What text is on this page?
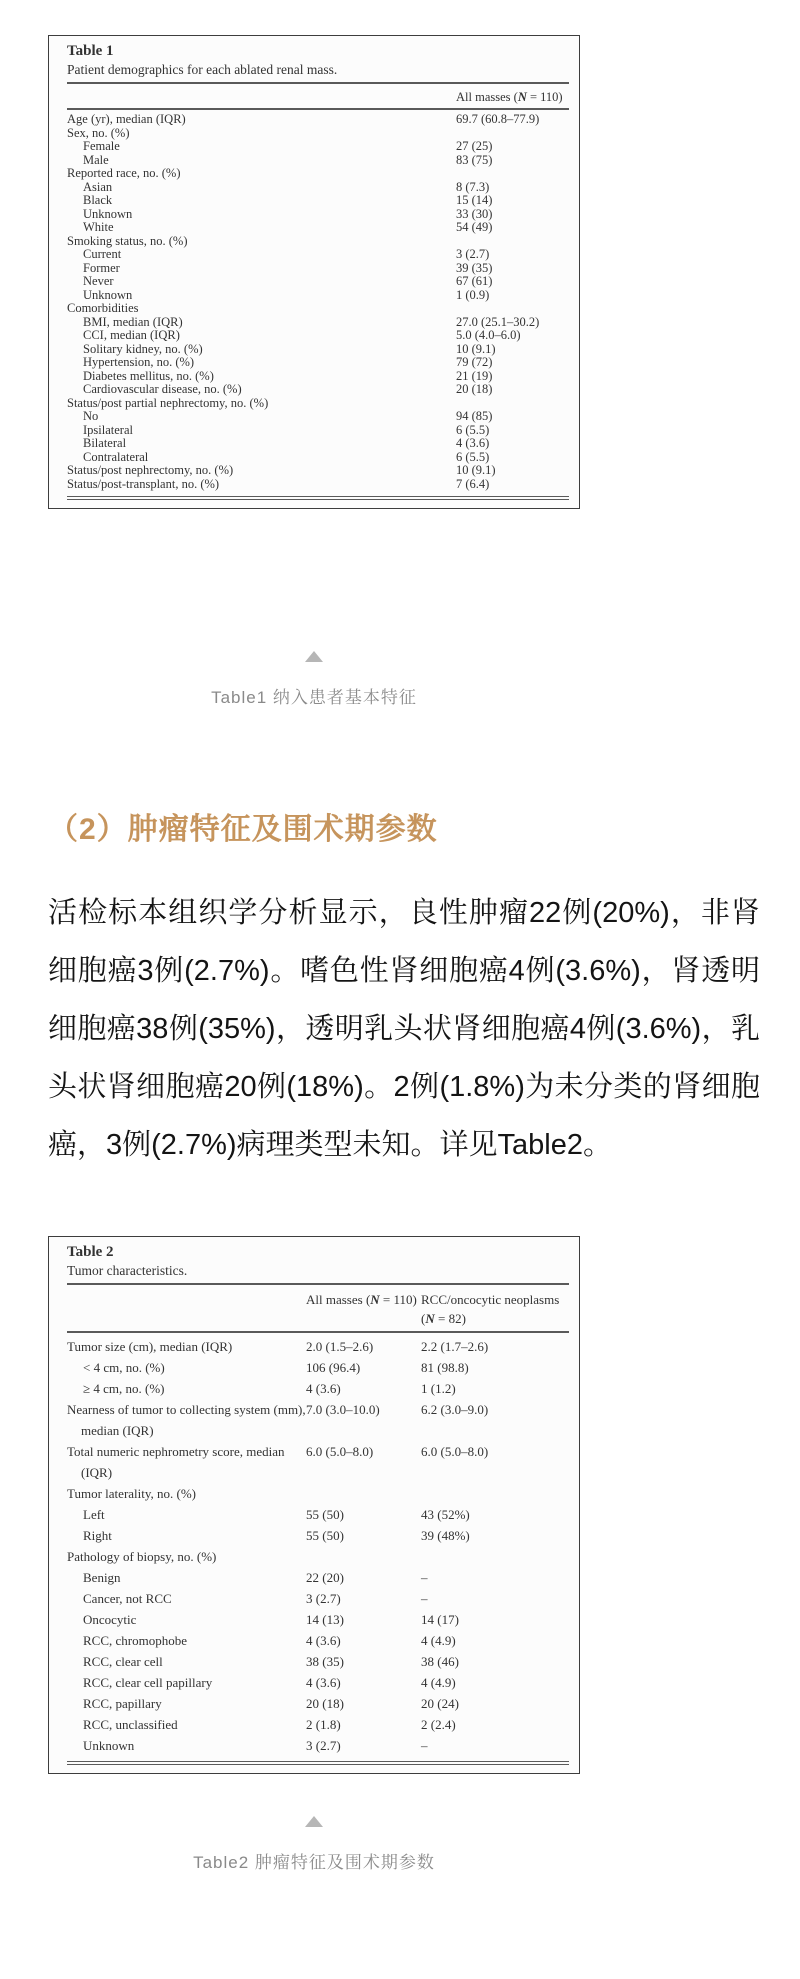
Table 1
Patient demographics for each ablated renal mass.
All masses (N = 110)
Age (yr), median (IQR)	69.7 (60.8–77.9)
Sex, no. (%)
Female	27 (25)
Male	83 (75)
Reported race, no. (%)
Asian	8 (7.3)
Black	15 (14)
Unknown	33 (30)
White	54 (49)
Smoking status, no. (%)
Current	3 (2.7)
Former	39 (35)
Never	67 (61)
Unknown	1 (0.9)
Comorbidities
BMI, median (IQR)	27.0 (25.1–30.2)
CCI, median (IQR)	5.0 (4.0–6.0)
Solitary kidney, no. (%)	10 (9.1)
Hypertension, no. (%)	79 (72)
Diabetes mellitus, no. (%)	21 (19)
Cardiovascular disease, no. (%)	20 (18)
Status/post partial nephrectomy, no. (%)
No	94 (85)
Ipsilateral	6 (5.5)
Bilateral	4 (3.6)
Contralateral	6 (5.5)
Status/post nephrectomy, no. (%)	10 (9.1)
Status/post-transplant, no. (%)	7 (6.4)
Table1 纳入患者基本特征
（2）肿瘤特征及围术期参数
活检标本组织学分析显示，良性肿瘤22例(20%)，非肾细胞癌3例(2.7%)。嗜色性肾细胞癌4例(3.6%)，肾透明细胞癌38例(35%)，透明乳头状肾细胞癌4例(3.6%)，乳头状肾细胞癌20例(18%)。2例(1.8%)为未分类的肾细胞癌，3例(2.7%)病理类型未知。详见Table2。
Table 2
Tumor characteristics.
All masses (N = 110) RCC/oncocytic neoplasms (N = 82)
Tumor size (cm), median (IQR)	2.0 (1.5–2.6)	2.2 (1.7–2.6)
< 4 cm, no. (%)	106 (96.4)	81 (98.8)
≥ 4 cm, no. (%)	4 (3.6)	1 (1.2)
Nearness of tumor to collecting system (mm), median (IQR)
7.0 (3.0–10.0)	6.2 (3.0–9.0)
Total numeric nephrometry score, median (IQR)
6.0 (5.0–8.0)	6.0 (5.0–8.0)
Tumor laterality, no. (%)
Left	55 (50)	43 (52%)
Right	55 (50)	39 (48%)
Pathology of biopsy, no. (%)
Benign	22 (20)	–
Cancer, not RCC	3 (2.7)	–
Oncocytic	14 (13)	14 (17)
RCC, chromophobe	4 (3.6)	4 (4.9)
RCC, clear cell	38 (35)	38 (46)
RCC, clear cell papillary	4 (3.6)	4 (4.9)
RCC, papillary	20 (18)	20 (24)
RCC, unclassified	2 (1.8)	2 (2.4)
Unknown	3 (2.7)	–
Table2 肿瘤特征及围术期参数
